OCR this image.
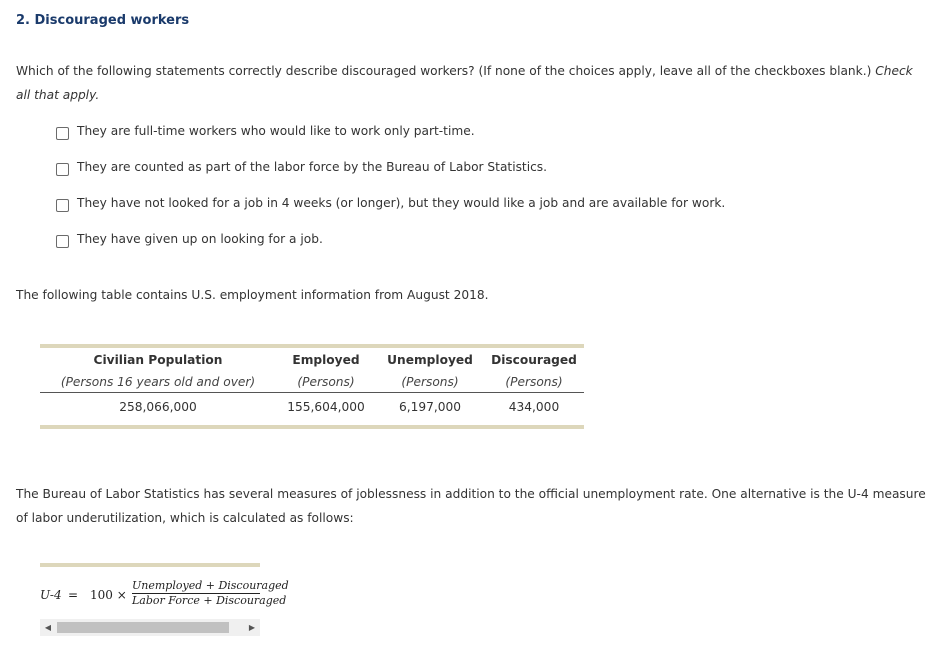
2. Discouraged workers
Which of the following statements correctly describe discouraged workers? (If none of the choices apply, leave all of the checkboxes blank.) Check all that apply.
They are full-time workers who would like to work only part-time.
They are counted as part of the labor force by the Bureau of Labor Statistics.
They have not looked for a job in 4 weeks (or longer), but they would like a job and are available for work.
They have given up on looking for a job.
The following table contains U.S. employment information from August 2018.
Civilian Population	Employed	Unemployed	Discouraged
(Persons 16 years old and over)	(Persons)	(Persons)	(Persons)
258,066,000	155,604,000	6,197,000	434,000
The Bureau of Labor Statistics has several measures of joblessness in addition to the official unemployment rate. One alternative is the U-4 measure of labor underutilization, which is calculated as follows:
U-4 = 100 ×
Unemployed + Discouraged
Labor Force + Discouraged
◀	▶
